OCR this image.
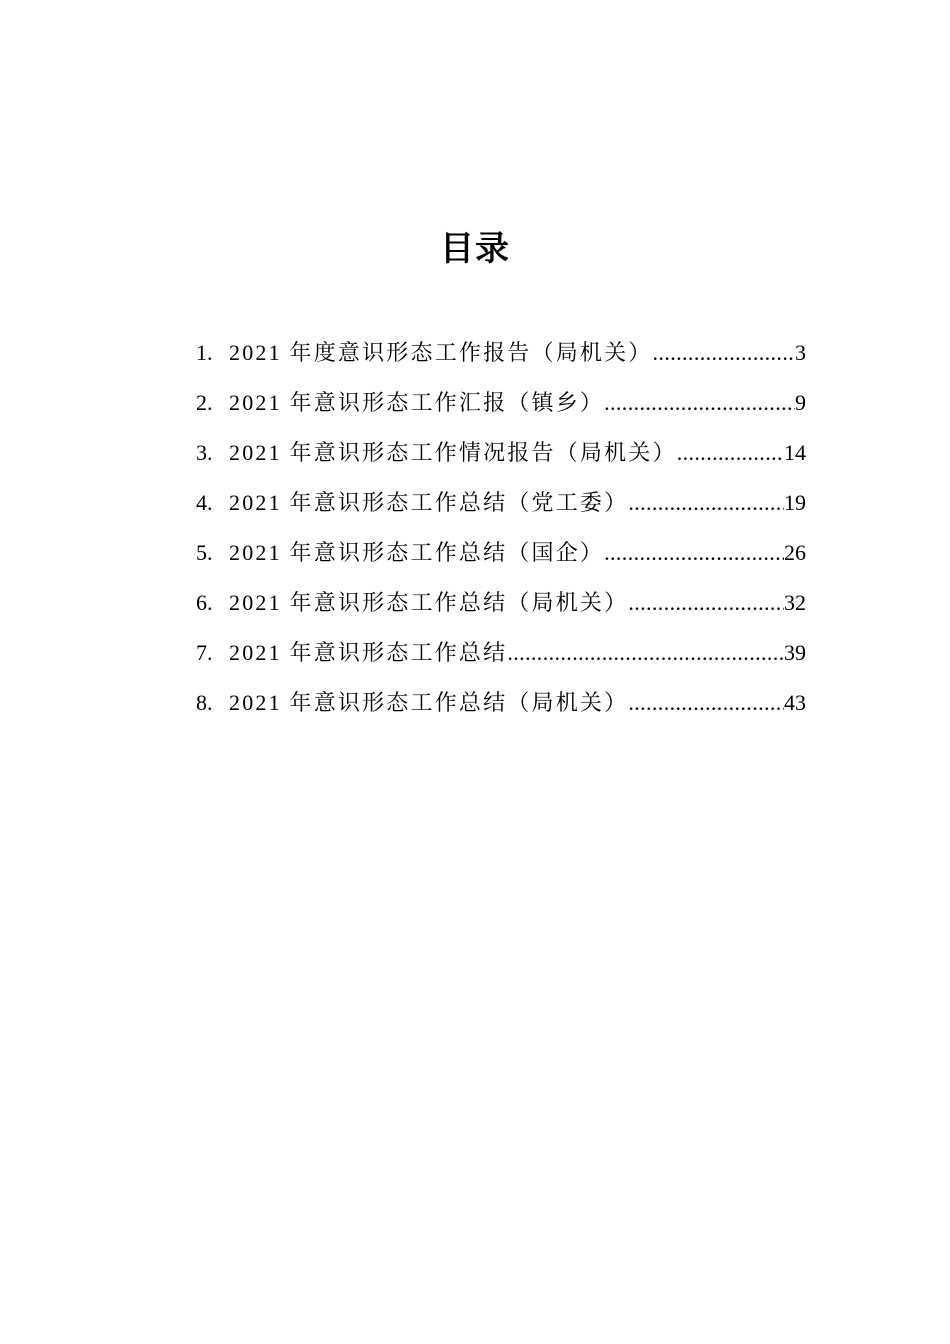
目录
1. 2021 年度意识形态工作报告（局机关） .....	3
2. 2021 年意识形态工作汇报（镇乡） .....	9
3. 2021 年意识形态工作情况报告（局机关） .....	14
4. 2021 年意识形态工作总结（党工委） .....	19
5. 2021 年意识形态工作总结（国企） .....	26
6. 2021 年意识形态工作总结（局机关） .....	32
7. 2021 年意识形态工作总结 .....	39
8. 2021 年意识形态工作总结（局机关） .....	43
